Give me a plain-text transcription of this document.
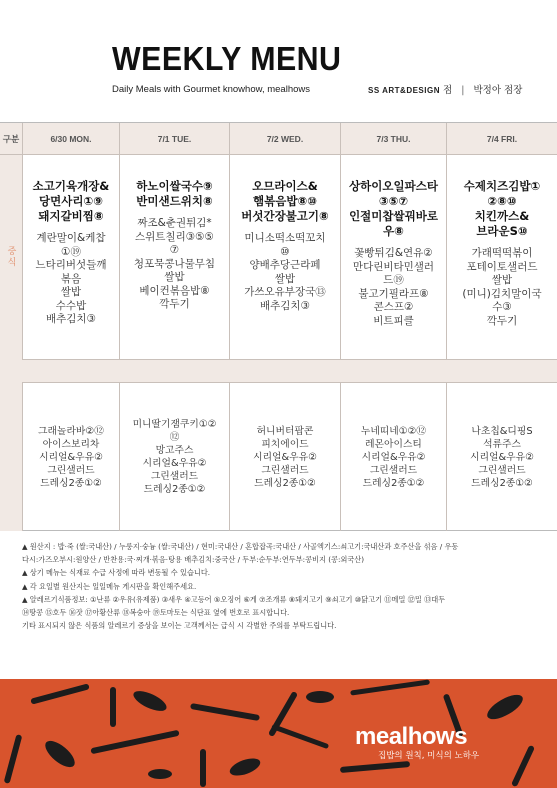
WEEKLY MENU
Daily Meals with Gourmet knowhow, mealhows	SS ART&DESIGN 점 | 박정아 점장
구분
중식
6/30 MON.
소고기육개장&
당면사리①⑨
돼지갈비찜⑧
계란말이&케찹
①⑲
느타리버섯들깨
볶음
쌀밥
수수밥
배추김치③
그래놀라바②⑫
아이스보리차
시리얼&우유②
그린샐러드
드레싱2종①②
7/1 TUE.
하노이쌀국수⑨
반미샌드위치⑧
짜조&춘권튀김*
스위트칠리③⑤⑤
⑦
청포묵콩나물무침
쌀밥
베이컨볶음밥⑧
깍두기
미니딸기잼쿠키①②
⑫
망고주스
시리얼&우유②
그린샐러드
드레싱2종①②
7/2 WED.
오므라이스&
햄볶음밥⑧⑩
버섯간장불고기⑧
미니소떡소떡꼬치
⑩
양배추당근라페
쌀밥
가쓰오유부장국⑬
배추김치③
허니버터팝콘
피치에이드
시리얼&우유②
그린샐러드
드레싱2종①②
7/3 THU.
상하이오일파스타
③⑤⑦
인절미찹쌀꿔바로
우⑧
꽃빵튀김&연유②
만다린비타민샐러
드⑲
불고기필라프⑧
콘스프②
비트피클
누네띠네①②⑫
레몬아이스티
시리얼&우유②
그린샐러드
드레싱2종①②
7/4 FRI.
수제치즈김밥①
②⑧⑩
치킨까스&
브라운S⑩
가래떡떡볶이
포테이토샐러드
쌀밥
(미니)김치말이국
수③
깍두기
나초칩&디핑S
석류주스
시리얼&우유②
그린샐러드
드레싱2종①②
▲ 원산지 : 밥·죽 (쌀:국내산) / 누룽지·숭늉 (쌀:국내산) / 현미:국내산 / 혼합잡곡:국내산 / 사골엑기스:쇠고기:국내산과 호주산을 섞음 / 우동
다시:가즈오부시:원양산 / 반찬용:국·찌개·볶음·탕용 배추김치:중국산 / 두부:순두부:연두부:콩비지 (콩:외국산)
▲ 상기 메뉴는 식재료 수급 사정에 따라 변동될 수 있습니다.
▲ 각 요일별 원산지는 일일메뉴 게시판을 확인해주세요.
▲ 알레르기식품정보: ①난류 ②우유(유제품) ③새우 ④고등어 ⑤오징어 ⑥게 ⑦조개류 ⑧돼지고기 ⑨쇠고기 ⑩닭고기 ⑪메밀 ⑫밀 ⑬대두
⑭땅콩 ⑮호두 ⑯잣 ⑰아황산류 ⑱복숭아 ⑲토마토는 식단표 옆에 번호로 표시합니다.
기타 표시되지 않은 식품의 알레르기 증상을 보이는 고객께서는 급식 시 각별한 주의를 부탁드립니다.
mealhows
집밥의 원칙, 미식의 노하우
